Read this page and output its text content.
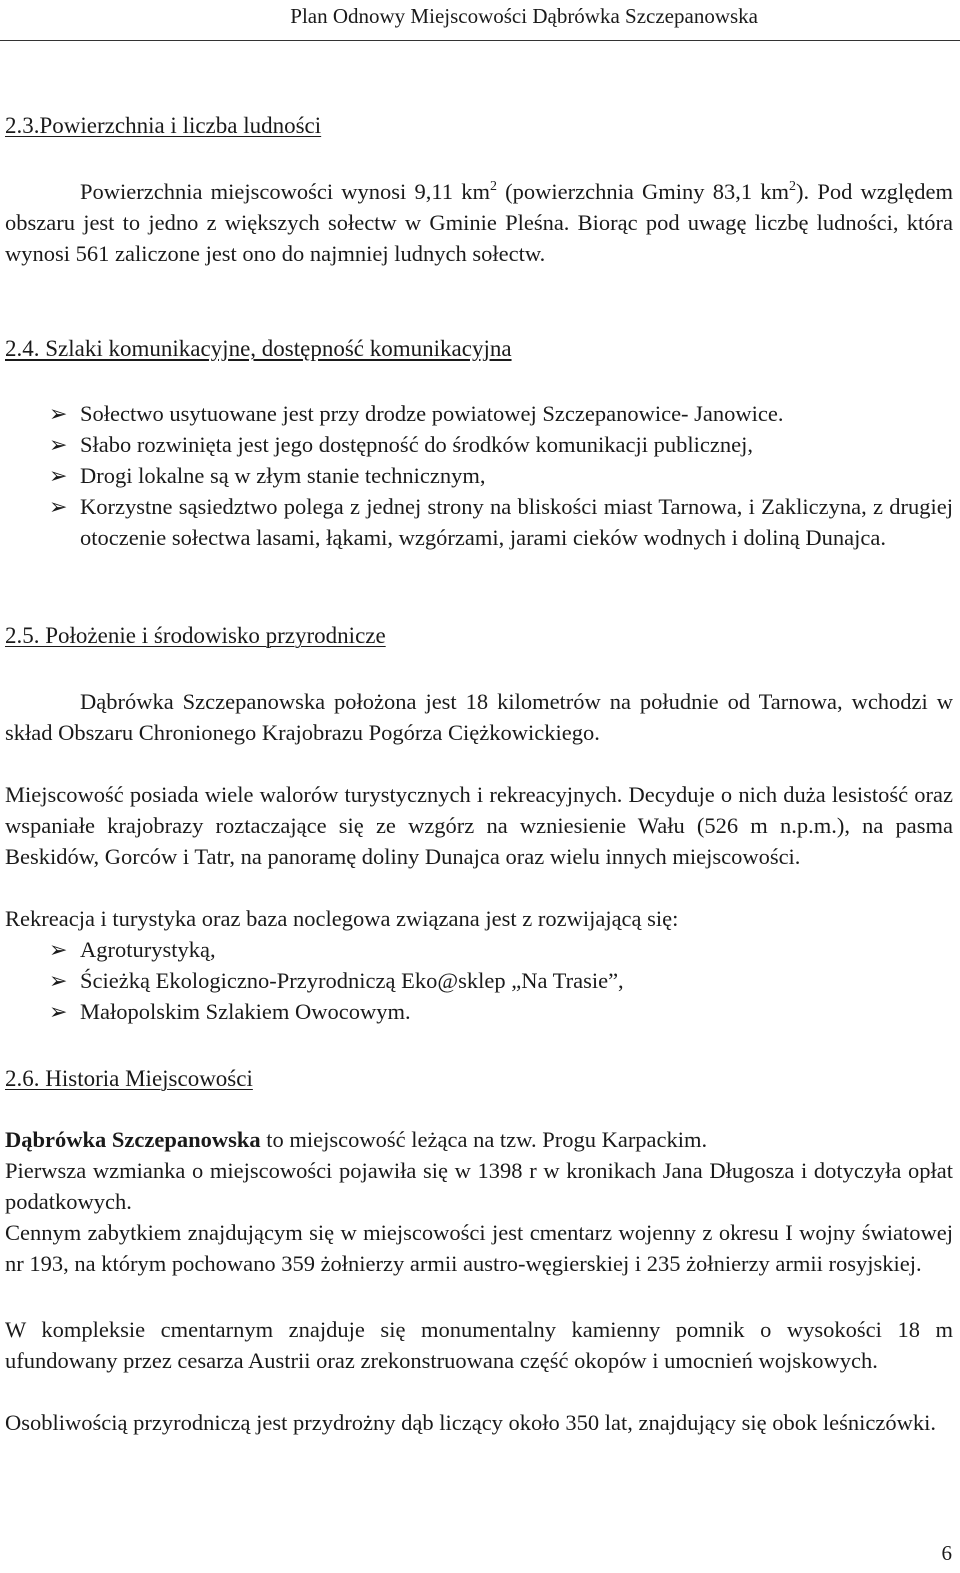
Plan Odnowy Miejscowości Dąbrówka Szczepanowska
2.3.Powierzchnia i liczba ludności

Powierzchnia miejscowości wynosi 9,11 $km^2$ (powierzchnia Gminy 83,1 $km^2$). Pod względem obszaru jest to jedno z większych sołectw w Gminie Pleśna. Biorąc pod uwagę liczbę ludności, która wynosi 561 zaliczone jest ono do najmniej ludnych sołectw.

2.4. Szlaki komunikacyjne, dostępność komunikacyjna
➢ Sołectwo usytuowane jest przy drodze powiatowej Szczepanowice- Janowice.
➢ Słabo rozwinięta jest jego dostępność do środków komunikacji publicznej,
➢ Drogi lokalne są w złym stanie technicznym,
➢ Korzystne sąsiedztwo polega z jednej strony na bliskości miast Tarnowa, i Zakliczyna, z drugiej otoczenie sołectwa lasami, łąkami, wzgórzami, jarami cieków wodnych i doliną Dunajca.
2.5. Położenie i środowisko przyrodnicze

Dąbrówka Szczepanowska położona jest 18 kilometrów na południe od Tarnowa, wchodzi w skład Obszaru Chronionego Krajobrazu Pogórza Ciężkowickiego.

Miejscowość posiada wiele walorów turystycznych i rekreacyjnych. Decyduje o nich duża lesistość oraz wspaniałe krajobrazy roztaczające się ze wzgórz na wzniesienie Wału (526 m n.p.m.), na pasma Beskidów, Gorców i Tatr, na panoramę doliny Dunajca oraz wielu innych miejscowości.

Rekreacja i turystyka oraz baza noclegowa związana jest z rozwijającą się:

➢ Agroturystyką,
➢ Ścieżką Ekologiczno-Przyrodniczą Eko@sklep „Na Trasie”,
➢ Małopolskim Szlakiem Owocowym.
2.6. Historia Miejscowości

Dąbrówka Szczepanowska to miejscowość leżąca na tzw. Progu Karpackim.

Pierwsza wzmianka o miejscowości pojawiła się w 1398 r w kronikach Jana Długosza i dotyczyła opłat podatkowych.

Cennym zabytkiem znajdującym się w miejscowości jest cmentarz wojenny z okresu I wojny światowej nr 193, na którym pochowano 359 żołnierzy armii austro-węgierskiej i 235 żołnierzy armii rosyjskiej.

W kompleksie cmentarnym znajduje się monumentalny kamienny pomnik o wysokości 18 m ufundowany przez cesarza Austrii oraz zrekonstruowana część okopów i umocnień wojskowych.

Osobliwością przyrodniczą jest przydrożny dąb liczący około 350 lat, znajdujący się obok leśniczówki.

6
